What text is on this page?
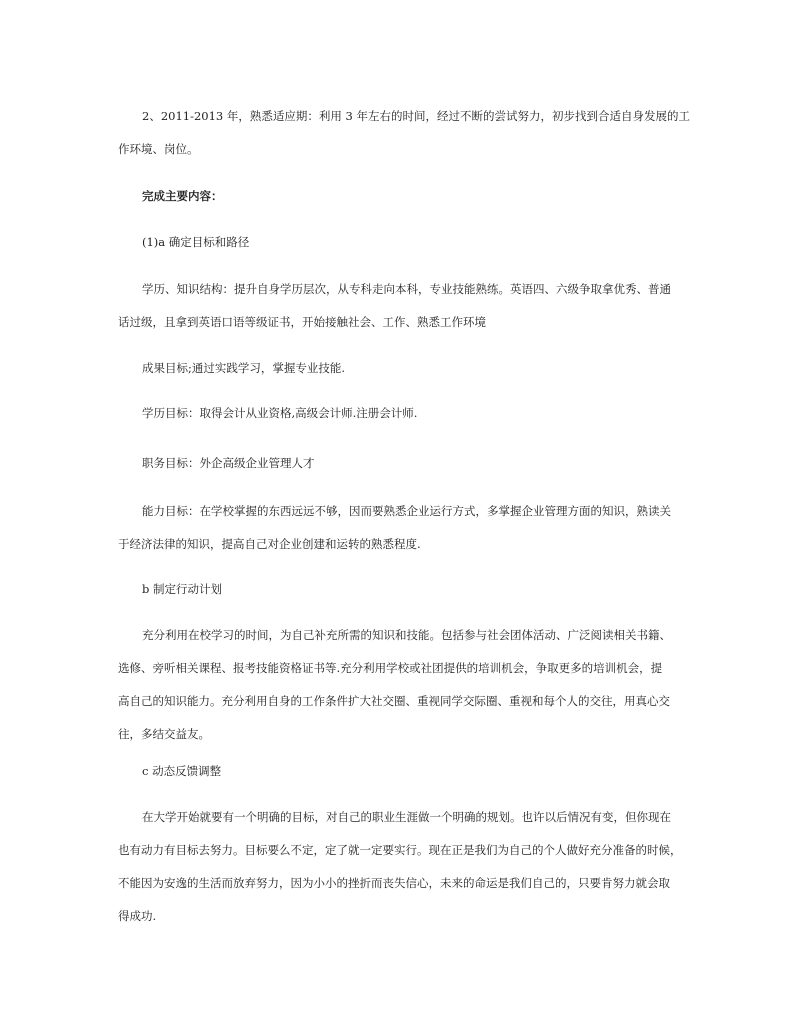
2、2011-2013 年，熟悉适应期：利用 3 年左右的时间，经过不断的尝试努力，初步找到合适自身发展的工
作环境、岗位。
完成主要内容：
(1)a 确定目标和路径
学历、知识结构：提升自身学历层次，从专科走向本科，专业技能熟练。英语四、六级争取拿优秀、普通
话过级，且拿到英语口语等级证书，开始接触社会、工作、熟悉工作环境
成果目标;通过实践学习，掌握专业技能.
学历目标：取得会计从业资格,高级会计师.注册会计师.
职务目标：外企高级企业管理人才
能力目标：在学校掌握的东西远远不够，因而要熟悉企业运行方式，多掌握企业管理方面的知识，熟读关
于经济法律的知识，提高自己对企业创建和运转的熟悉程度.
b 制定行动计划
充分利用在校学习的时间，为自己补充所需的知识和技能。包括参与社会团体活动、广泛阅读相关书籍、
选修、旁听相关课程、报考技能资格证书等.充分利用学校或社团提供的培训机会，争取更多的培训机会，提
高自己的知识能力。充分利用自身的工作条件扩大社交圈、重视同学交际圈、重视和每个人的交往，用真心交
往，多结交益友。
c 动态反馈调整
在大学开始就要有一个明确的目标，对自己的职业生涯做一个明确的规划。也许以后情况有变，但你现在
也有动力有目标去努力。目标要么不定，定了就一定要实行。现在正是我们为自己的个人做好充分准备的时候，
不能因为安逸的生活而放弃努力，因为小小的挫折而丧失信心，未来的命运是我们自己的，只要肯努力就会取
得成功.
